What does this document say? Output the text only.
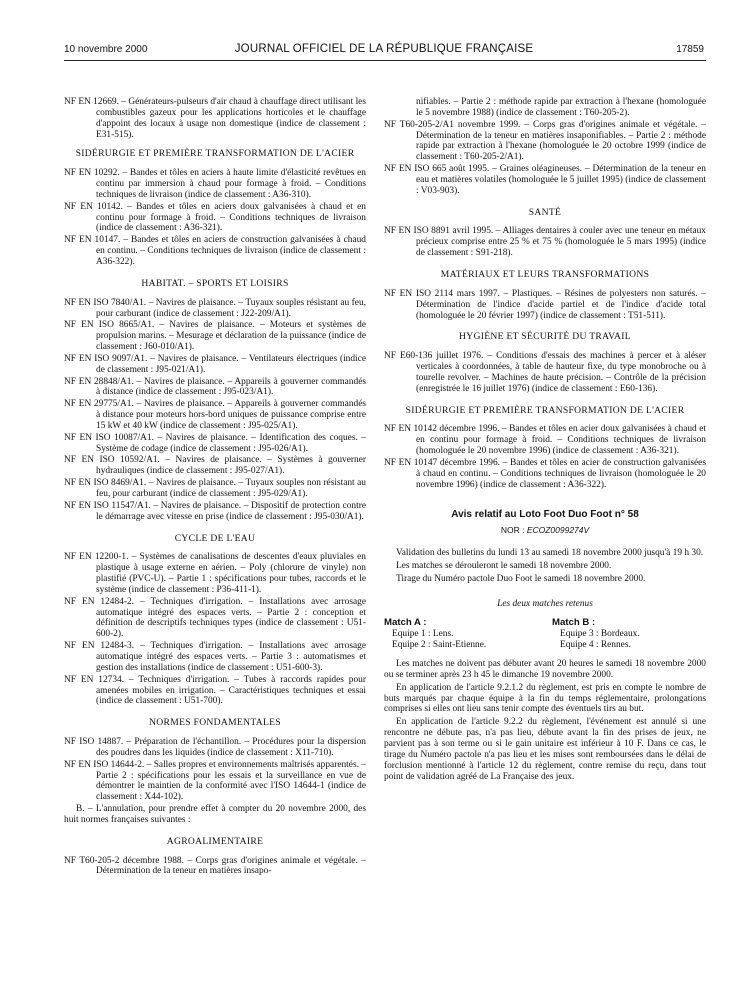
10 novembre 2000	JOURNAL OFFICIEL DE LA RÉPUBLIQUE FRANÇAISE	17859

NF EN 12669. – Générateurs-pulseurs d'air chaud à chauffage direct utilisant les combustibles gazeux pour les applications horticoles et le chauffage d'appoint des locaux à usage non domestique (indice de classement : E31-515).

SIDÉRURGIE ET PREMIÈRE TRANSFORMATION DE L'ACIER

NF EN 10292. – Bandes et tôles en aciers à haute limite d'élasticité revêtues en continu par immersion à chaud pour formage à froid. – Conditions techniques de livraison (indice de classement : A36-310).

NF EN 10142. – Bandes et tôles en aciers doux galvanisées à chaud et en continu pour formage à froid. – Conditions techniques de livraison (indice de classement : A36-321).

NF EN 10147. – Bandes et tôles en aciers de construction galvanisées à chaud en continu. – Conditions techniques de livraison (indice de classement : A36-322).

HABITAT. – SPORTS ET LOISIRS

NF EN ISO 7840/A1. – Navires de plaisance. – Tuyaux souples résistant au feu, pour carburant (indice de classement : J22-209/A1).

NF EN ISO 8665/A1. – Navires de plaisance. – Moteurs et systèmes de propulsion marins. – Mesurage et déclaration de la puissance (indice de classement : J60-010/A1).

NF EN ISO 9097/A1. – Navires de plaisance. – Ventilateurs électriques (indice de classement : J95-021/A1).

NF EN 28848/A1. – Navires de plaisance. – Appareils à gouverner commandés à distance (indice de classement : J95-023/A1).

NF EN 29775/A1. – Navires de plaisance. – Appareils à gouverner commandés à distance pour moteurs hors-bord uniques de puissance comprise entre 15 kW et 40 kW (indice de classement : J95-025/A1).

NF EN ISO 10087/A1. – Navires de plaisance. – Identification des coques. – Système de codage (indice de classement : J95-026/A1).

NF EN ISO 10592/A1. – Navires de plaisance. – Systèmes à gouverner hydrauliques (indice de classement : J95-027/A1).

NF EN ISO 8469/A1. – Navires de plaisance. – Tuyaux souples non résistant au feu, pour carburant (indice de classement : J95-029/A1).

NF EN ISO 11547/A1. – Navires de plaisance. – Dispositif de protection contre le démarrage avec vitesse en prise (indice de classement : J95-030/A1).

CYCLE DE L'EAU

NF EN 12200-1. – Systèmes de canalisations de descentes d'eaux pluviales en plastique à usage externe en aérien. – Poly (chlorure de vinyle) non plastifié (PVC-U). – Partie 1 : spécifications pour tubes, raccords et le système (indice de classement : P36-411-1).

NF EN 12484-2. – Techniques d'irrigation. – Installations avec arrosage automatique intégré des espaces verts. – Partie 2 : conception et définition de descriptifs techniques types (indice de classement : U51-600-2).

NF EN 12484-3. – Techniques d'irrigation. – Installations avec arrosage automatique intégré des espaces verts. – Partie 3 : automatismes et gestion des installations (indice de classement : U51-600-3).

NF EN 12734. – Techniques d'irrigation. – Tubes à raccords rapides pour amenées mobiles en irrigation. – Caractéristiques techniques et essai (indice de classement : U51-700).

NORMES FONDAMENTALES

NF ISO 14887. – Préparation de l'échantillon. – Procédures pour la dispersion des poudres dans les liquides (indice de classement : X11-710).

NF EN ISO 14644-2. – Salles propres et environnements maîtrisés apparentés. – Partie 2 : spécifications pour les essais et la surveillance en vue de démontrer le maintien de la conformité avec l'ISO 14644-1 (indice de classement : X44-102).

B. – L'annulation, pour prendre effet à compter du 20 novembre 2000, des huit normes françaises suivantes :

AGROALIMENTAIRE

NF T60-205-2 décembre 1988. – Corps gras d'origines animale et végétale. – Détermination de la teneur en matières insapo-

nifiables. – Partie 2 : méthode rapide par extraction à l'hexane (homologuée le 5 novembre 1988) (indice de classement : T60-205-2).

NF T60-205-2/A1 novembre 1999. – Corps gras d'origines animale et végétale. – Détermination de la teneur en matières insaponifiables. – Partie 2 : méthode rapide par extraction à l'hexane (homologuée le 20 octobre 1999 (indice de classement : T60-205-2/A1).

NF EN ISO 665 août 1995. – Graines oléagineuses. – Détermination de la teneur en eau et matières volatiles (homologuée le 5 juillet 1995) (indice de classement : V03-903).

SANTÉ

NF EN ISO 8891 avril 1995. – Alliages dentaires à couler avec une teneur en métaux précieux comprise entre 25 % et 75 % (homologuée le 5 mars 1995) (indice de classement : S91-218).

MATÉRIAUX ET LEURS TRANSFORMATIONS

NF EN ISO 2114 mars 1997. – Plastiques. – Résines de polyesters non saturés. – Détermination de l'indice d'acide partiel et de l'indice d'acide total (homologuée le 20 février 1997) (indice de classement : T51-511).

HYGIÈNE ET SÉCURITÉ DU TRAVAIL

NF E60-136 juillet 1976. – Conditions d'essais des machines à percer et à aléser verticales à coordonnées, à table de hauteur fixe, du type monobroche ou à tourelle revolver. – Machines de haute précision. – Contrôle de la précision (enregistrée le 16 juillet 1976) (indice de classement : E60-136).

SIDÉRURGIE ET PREMIÈRE TRANSFORMATION DE L'ACIER

NF EN 10142 décembre 1996. – Bandes et tôles en acier doux galvanisées à chaud et en continu pour formage à froid. – Conditions techniques de livraison (homologuée le 20 novembre 1996) (indice de classement : A36-321).

NF EN 10147 décembre 1996. – Bandes et tôles en acier de construction galvanisées à chaud en continu. – Conditions techniques de livraison (homologuée le 20 novembre 1996) (indice de classement : A36-322).

Avis relatif au Loto Foot Duo Foot n° 58
NOR : ECOZ0099274V

Validation des bulletins du lundi 13 au samedi 18 novembre 2000 jusqu'à 19 h 30.

Les matches se dérouleront le samedi 18 novembre 2000.

Tirage du Numéro pactole Duo Foot le samedi 18 novembre 2000.

Les deux matches retenus
Match A :
Equipe 1 : Lens.
Equipe 2 : Saint-Etienne.
Match B :
Equipe 3 : Bordeaux.
Equipe 4 : Rennes.

Les matches ne doivent pas débuter avant 20 heures le samedi 18 novembre 2000 ou se terminer après 23 h 45 le dimanche 19 novembre 2000.

En application de l'article 9.2.1.2 du règlement, est pris en compte le nombre de buts marqués par chaque équipe à la fin du temps réglementaire, prolongations comprises si elles ont lieu sans tenir compte des éventuels tirs au but.

En application de l'article 9.2.2 du règlement, l'événement est annulé si une rencontre ne débute pas, n'a pas lieu, débute avant la fin des prises de jeux, ne parvient pas à son terme ou si le gain unitaire est inférieur à 10 F. Dans ce cas, le tirage du Numéro pactole n'a pas lieu et les mises sont remboursées dans le délai de forclusion mentionné à l'article 12 du règlement, contre remise du reçu, dans tout point de validation agréé de La Française des jeux.
